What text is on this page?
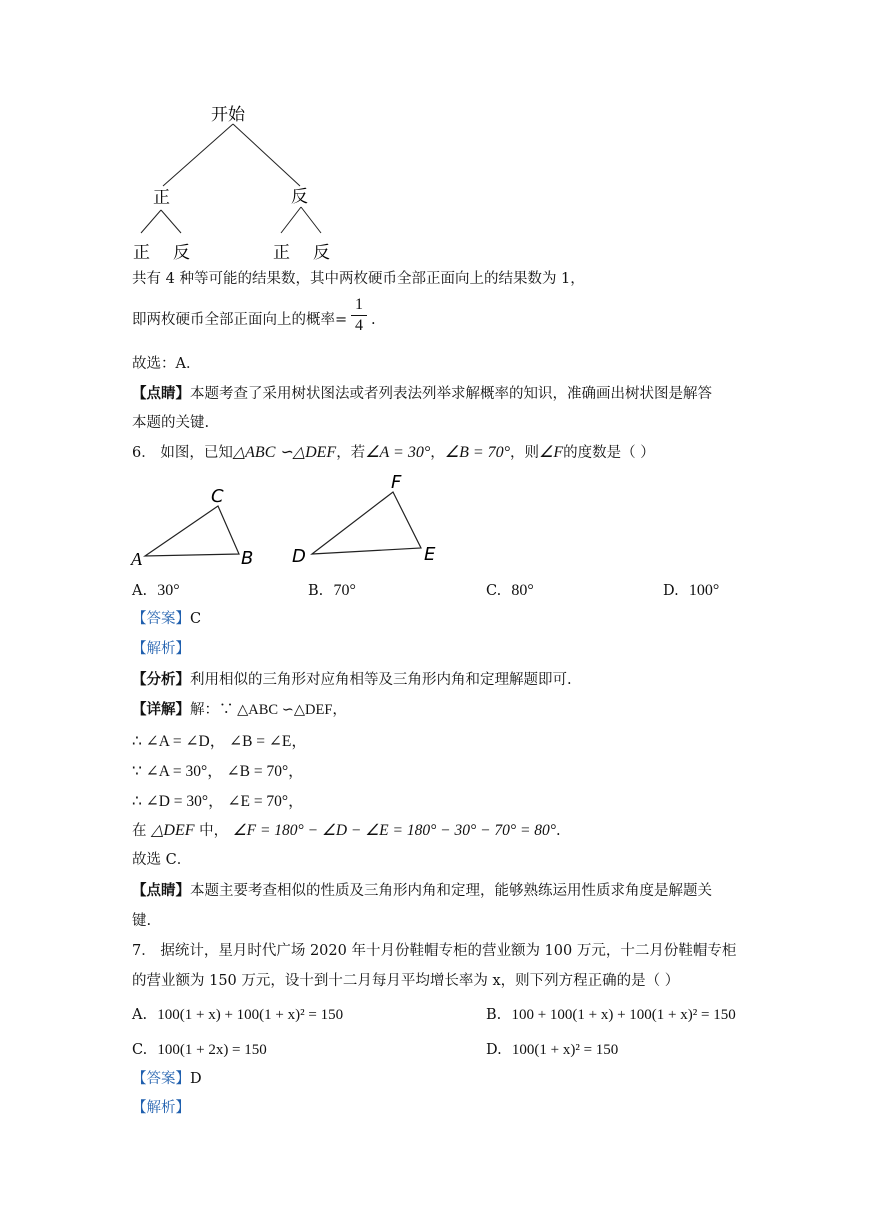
开始
正	反
正 反	正 反
共有 4 种等可能的结果数，其中两枚硬币全部正面向上的结果数为 1，
即两枚硬币全部正面向上的概率=
1
4 .
故选：A．
【点睛】本题考查了采用树状图法或者列表法列举求解概率的知识，准确画出树状图是解答
本题的关键.
6． 如图，已知△ABC ∽△DEF，若∠A = 30°，∠B = 70°，则∠F的度数是（ ）
A
C
B D
F
E
A. 30°	B. 70°	C. 80°	D. 100°
【答案】C
【解析】
【分析】利用相似的三角形对应角相等及三角形内角和定理解题即可.
【详解】解：∵ △ABC ∽△DEF，
∴ ∠A = ∠D， ∠B = ∠E，
∵ ∠A = 30°， ∠B = 70°，
∴ ∠D = 30°， ∠E = 70°，
在 △DEF 中， ∠F = 180° − ∠D − ∠E = 180° − 30° − 70° = 80°.
故选 C．
【点睛】本题主要考查相似的性质及三角形内角和定理，能够熟练运用性质求角度是解题关
键.
7． 据统计，星月时代广场 2020 年十月份鞋帽专柜的营业额为 100 万元，十二月份鞋帽专柜
的营业额为 150 万元，设十到十二月每月平均增长率为 x，则下列方程正确的是（ ）
A. 100(1 + x) + 100(1 + x)² = 150	B. 100 + 100(1 + x) + 100(1 + x)² = 150
C. 100(1 + 2x) = 150	D. 100(1 + x)² = 150
【答案】D
【解析】
